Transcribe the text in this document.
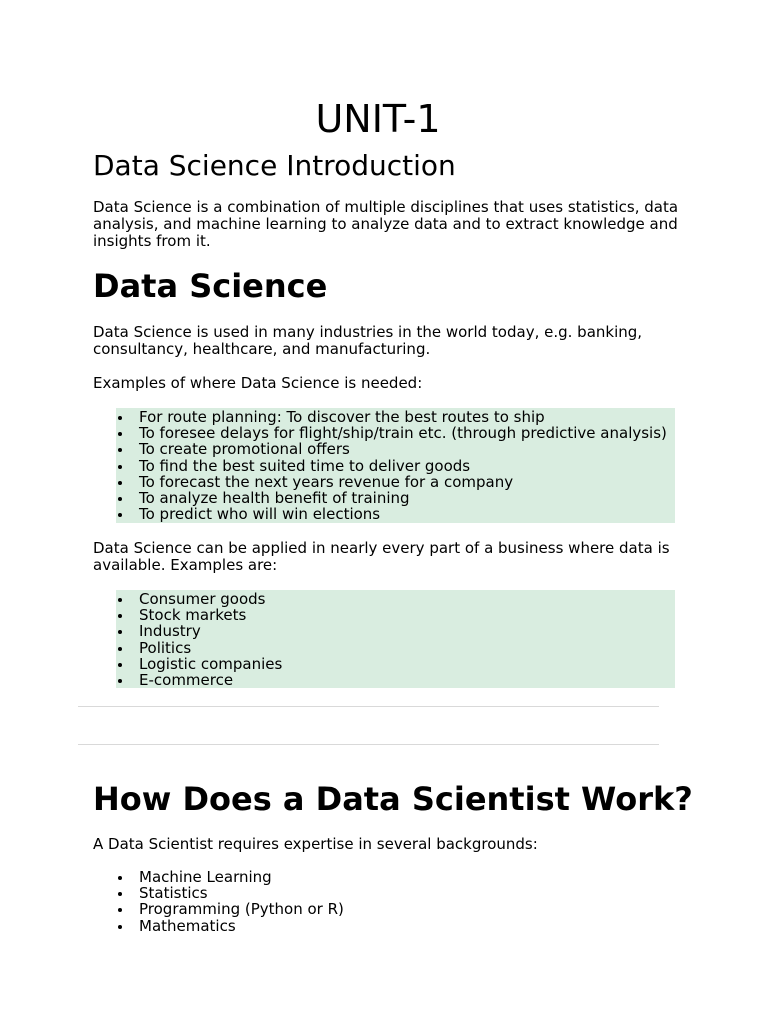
UNIT-1
Data Science Introduction

Data Science is a combination of multiple disciplines that uses statistics, data analysis, and machine learning to analyze data and to extract knowledge and insights from it.

Data Science

Data Science is used in many industries in the world today, e.g. banking, consultancy, healthcare, and manufacturing.

Examples of where Data Science is needed:

For route planning: To discover the best routes to ship
To foresee delays for flight/ship/train etc. (through predictive analysis)
To create promotional offers
To find the best suited time to deliver goods
To forecast the next years revenue for a company
To analyze health benefit of training
To predict who will win elections

Data Science can be applied in nearly every part of a business where data is available. Examples are:

Consumer goods
Stock markets
Industry
Politics
Logistic companies
E-commerce
How Does a Data Scientist Work?

A Data Scientist requires expertise in several backgrounds:

Machine Learning
Statistics
Programming (Python or R)
Mathematics
